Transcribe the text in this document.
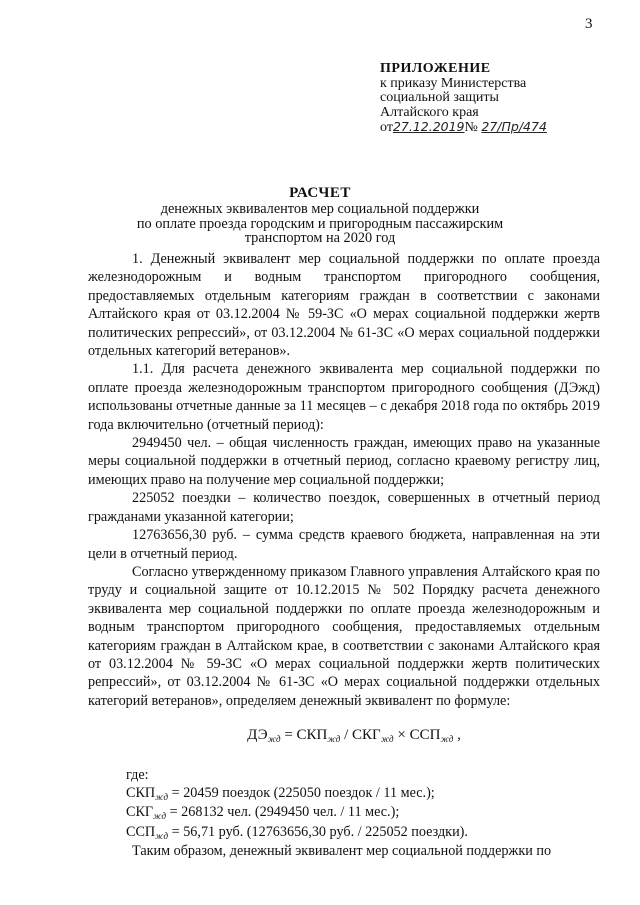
3
ПРИЛОЖЕНИЕ
к приказу Министерства
социальной защиты
Алтайского края
от27.12.2019№ 27/Пр/474
РАСЧЕТ
денежных эквивалентов мер социальной поддержки
по оплате проезда городским и пригородным пассажирским
транспортом на 2020 год

1. Денежный эквивалент мер социальной поддержки по оплате проезда железнодорожным и водным транспортом пригородного сообщения, предоставляемых отдельным категориям граждан в соответствии с законами Алтайского края от 03.12.2004 № 59-ЗС «О мерах социальной поддержки жертв политических репрессий», от 03.12.2004 № 61-ЗС «О мерах социальной поддержки отдельных категорий ветеранов».

1.1. Для расчета денежного эквивалента мер социальной поддержки по оплате проезда железнодорожным транспортом пригородного сообщения (ДЭжд) использованы отчетные данные за 11 месяцев – с декабря 2018 года по октябрь 2019 года включительно (отчетный период):

2949450 чел. – общая численность граждан, имеющих право на указанные меры социальной поддержки в отчетный период, согласно краевому регистру лиц, имеющих право на получение мер социальной поддержки;

225052 поездки – количество поездок, совершенных в отчетный период гражданами указанной категории;

12763656,30 руб. – сумма средств краевого бюджета, направленная на эти цели в отчетный период.

Согласно утвержденному приказом Главного управления Алтайского края по труду и социальной защите от 10.12.2015 № 502 Порядку расчета денежного эквивалента мер социальной поддержки по оплате проезда железнодорожным и водным транспортом пригородного сообщения, предоставляемых отдельным категориям граждан в Алтайском крае, в соответствии с законами Алтайского края от 03.12.2004 № 59-ЗС «О мерах социальной поддержки жертв политических репрессий», от 03.12.2004 № 61-ЗС «О мерах социальной поддержки отдельных категорий ветеранов», определяем денежный эквивалент по формуле:

$ДЭ_{жд} = СКП_{жд} / СКГ_{жд} \times ССП_{жд}$ ,

где:

$СКП_{жд} = 20459$ поездок (225050 поездок / 11 мес.);

$СКГ_{жд} = 268132$ чел. (2949450 чел. / 11 мес.);

$ССП_{жд} = 56,71$ руб. (12763656,30 руб. / 225052 поездки).

Таким образом, денежный эквивалент мер социальной поддержки по
